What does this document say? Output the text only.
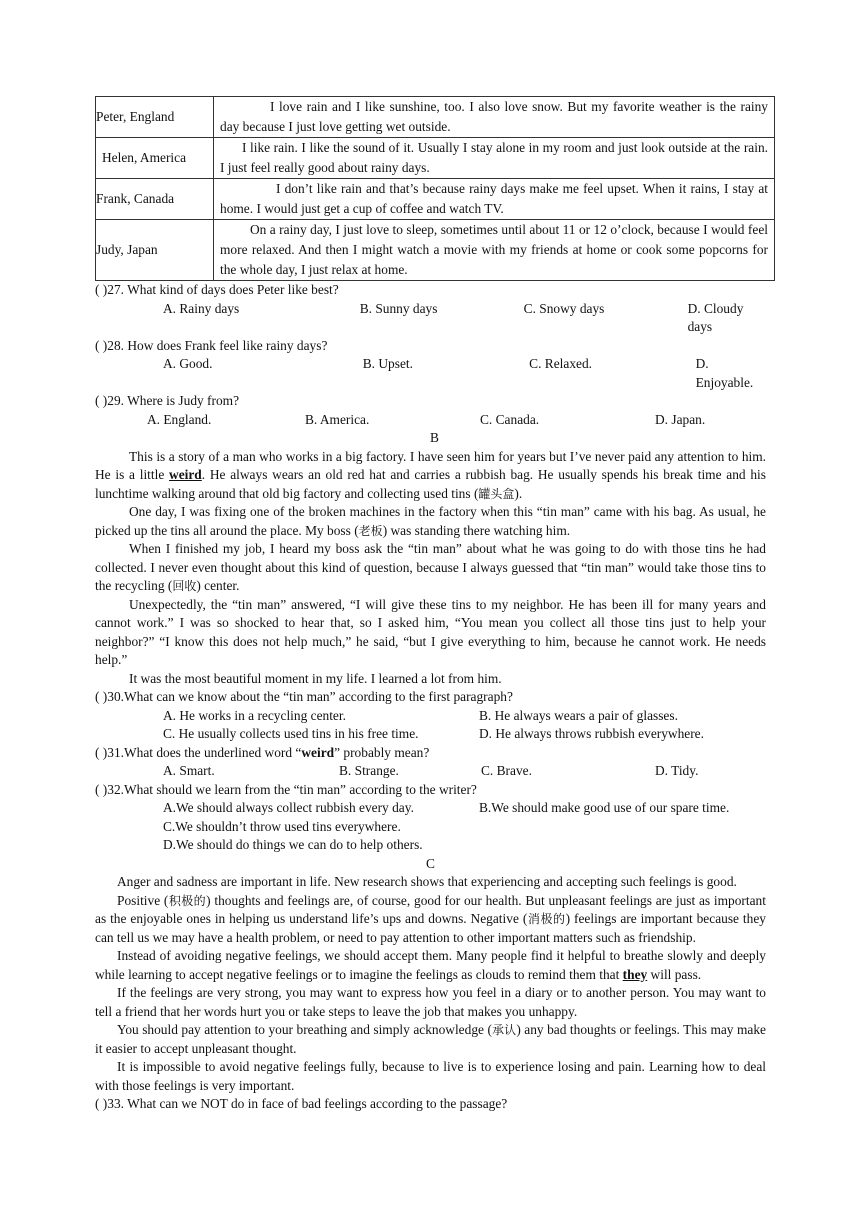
Peter, England	I love rain and I like sunshine, too. I also love snow. But my favorite weather is the rainy day because I just love getting wet outside.
Helen, America	I like rain. I like the sound of it. Usually I stay alone in my room and just look outside at the rain. I just feel really good about rainy days.
Frank, Canada	I don’t like rain and that’s because rainy days make me feel upset. When it rains, I stay at home. I would just get a cup of coffee and watch TV.
Judy, Japan	On a rainy day, I just love to sleep, sometimes until about 11 or 12 o’clock, because I would feel more relaxed. And then I might watch a movie with my friends at home or cook some popcorns for the whole day, I just relax at home.
( )27. What kind of days does Peter like best?
A. Rainy days	B. Sunny days	C. Snowy days	D. Cloudy days
( )28. How does Frank feel like rainy days?
A. Good.	B. Upset.	C. Relaxed.	D. Enjoyable.
( )29. Where is Judy from?
A. England.	B. America.	C. Canada.	D. Japan.
B

This is a story of a man who works in a big factory. I have seen him for years but I’ve never paid any attention to him. He is a little weird. He always wears an old red hat and carries a rubbish bag. He usually spends his break time and his lunchtime walking around that old big factory and collecting used tins (罐头盒).

One day, I was fixing one of the broken machines in the factory when this “tin man” came with his bag. As usual, he picked up the tins all around the place. My boss (老板) was standing there watching him.

When I finished my job, I heard my boss ask the “tin man” about what he was going to do with those tins he had collected. I never even thought about this kind of question, because I always guessed that “tin man” would take those tins to the recycling (回收) center.

Unexpectedly, the “tin man” answered, “I will give these tins to my neighbor. He has been ill for many years and cannot work.” I was so shocked to hear that, so I asked him, “You mean you collect all those tins just to help your neighbor?” “I know this does not help much,” he said, “but I give everything to him, because he cannot work. He needs help.”

It was the most beautiful moment in my life. I learned a lot from him.

( )30.What can we know about the “tin man” according to the first paragraph?
A. He works in a recycling center.	B. He always wears a pair of glasses.
C. He usually collects used tins in his free time.	D. He always throws rubbish everywhere.
( )31.What does the underlined word “weird” probably mean?
A. Smart.	B. Strange.	C. Brave.	D. Tidy.
( )32.What should we learn from the “tin man” according to the writer?
A.We should always collect rubbish every day.	B.We should make good use of our spare time.
C.We shouldn’t throw used tins everywhere.
D.We should do things we can do to help others.
C

Anger and sadness are important in life. New research shows that experiencing and accepting such feelings is good.

Positive (积极的) thoughts and feelings are, of course, good for our health. But unpleasant feelings are just as important as the enjoyable ones in helping us understand life’s ups and downs. Negative (消极的) feelings are important because they can tell us we may have a health problem, or need to pay attention to other important matters such as friendship.

Instead of avoiding negative feelings, we should accept them. Many people find it helpful to breathe slowly and deeply while learning to accept negative feelings or to imagine the feelings as clouds to remind them that they will pass.

If the feelings are very strong, you may want to express how you feel in a diary or to another person. You may want to tell a friend that her words hurt you or take steps to leave the job that makes you unhappy.

You should pay attention to your breathing and simply acknowledge (承认) any bad thoughts or feelings. This may make it easier to accept unpleasant thought.

It is impossible to avoid negative feelings fully, because to live is to experience losing and pain. Learning how to deal with those feelings is very important.

( )33. What can we NOT do in face of bad feelings according to the passage?
